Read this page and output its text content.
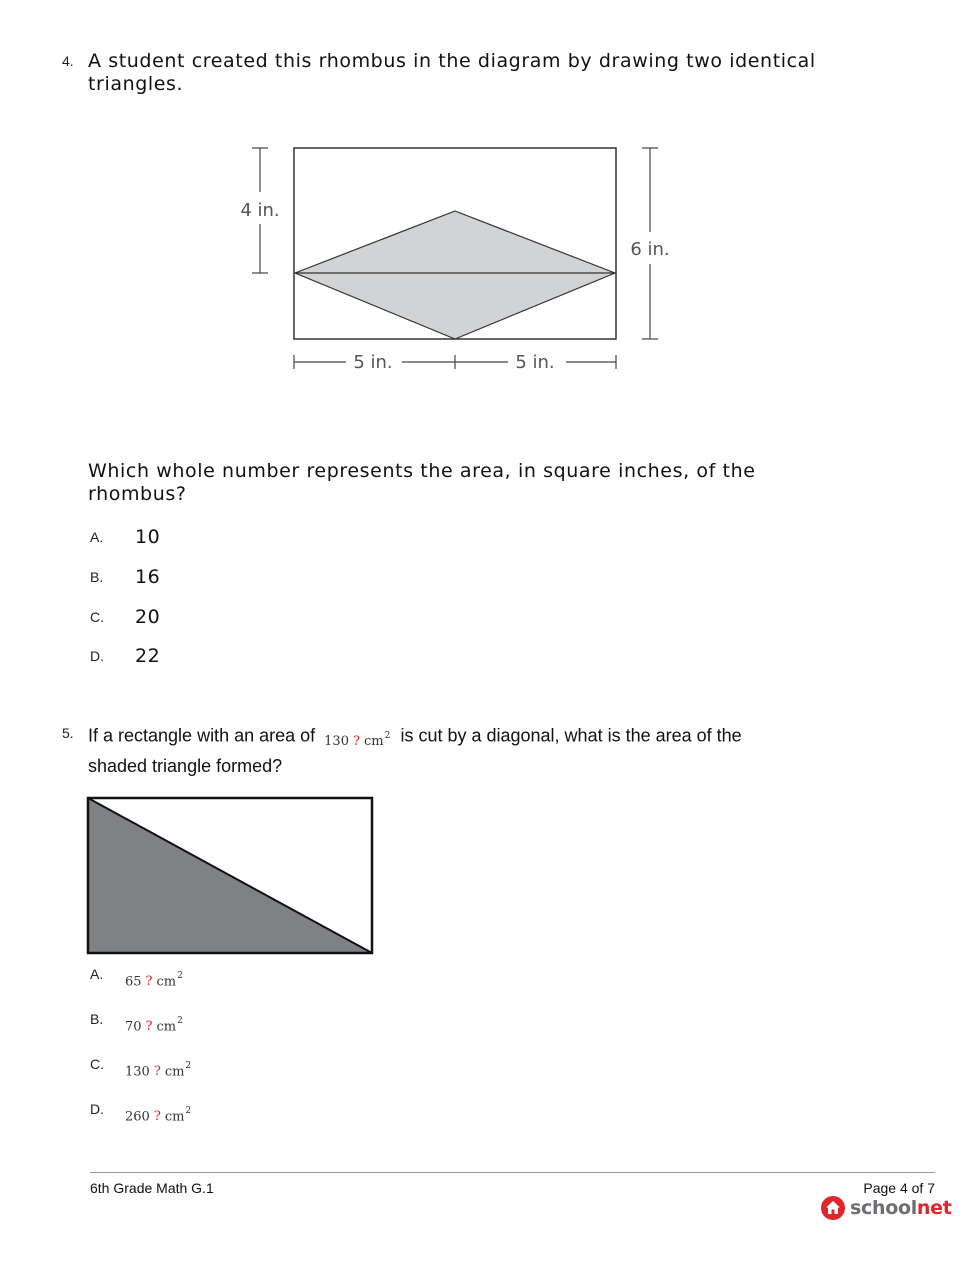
4. A student created this rhombus in the diagram by drawing two identical triangles.
4 in.
6 in.
5 in.	5 in.
Which whole number represents the area, in square inches, of the rhombus?
A. 10
B. 16
C. 20
D. 22
5. If a rectangle with an area of $_{130 ? cm^2}$ is cut by a diagonal, what is the area of the
shaded triangle formed?
A. 65 ? $cm^2$
B. 70 ? $cm^2$
C. 130 ? $cm^2$
D. 260 ? $cm^2$
6th Grade Math G.1	Page 4 of 7
schoolnet
